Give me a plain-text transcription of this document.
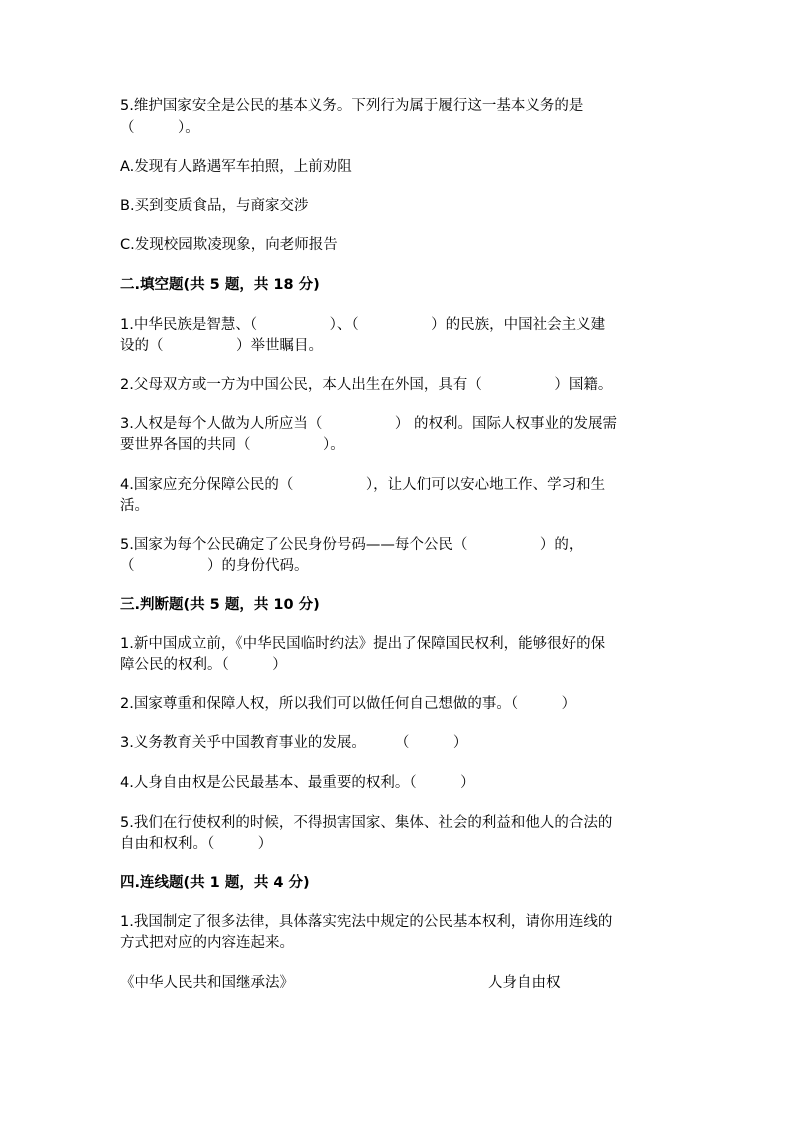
5.维护国家安全是公民的基本义务。下列行为属于履行这一基本义务的是
（　　　）。
A.发现有人路遇军车拍照，上前劝阻
B.买到变质食品，与商家交涉
C.发现校园欺凌现象，向老师报告
二.填空题(共 5 题，共 18 分)
1.中华民族是智慧、（　　　　　）、（　　　　　）的民族，中国社会主义建
设的（　　　　　）举世瞩目。
2.父母双方或一方为中国公民，本人出生在外国，具有（　　　　　）国籍。
3.人权是每个人做为人所应当（　　　　　） 的权利。国际人权事业的发展需
要世界各国的共同（　　　　　）。
4.国家应充分保障公民的（　　　　　），让人们可以安心地工作、学习和生
活。
5.国家为每个公民确定了公民身份号码——每个公民（　　　　　）的，
（　　　　　）的身份代码。
三.判断题(共 5 题，共 10 分)
1.新中国成立前，《中华民国临时约法》提出了保障国民权利，能够很好的保
障公民的权利。（　　　）
2.国家尊重和保障人权，所以我们可以做任何自己想做的事。（　　　）
3.义务教育关乎中国教育事业的发展。　　　（　　　）
4.人身自由权是公民最基本、最重要的权利。（　　　）
5.我们在行使权利的时候，不得损害国家、集体、社会的利益和他人的合法的
自由和权利。（　　　）
四.连线题(共 1 题，共 4 分)
1.我国制定了很多法律，具体落实宪法中规定的公民基本权利，请你用连线的
方式把对应的内容连起来。
《中华人民共和国继承法》	人身自由权
